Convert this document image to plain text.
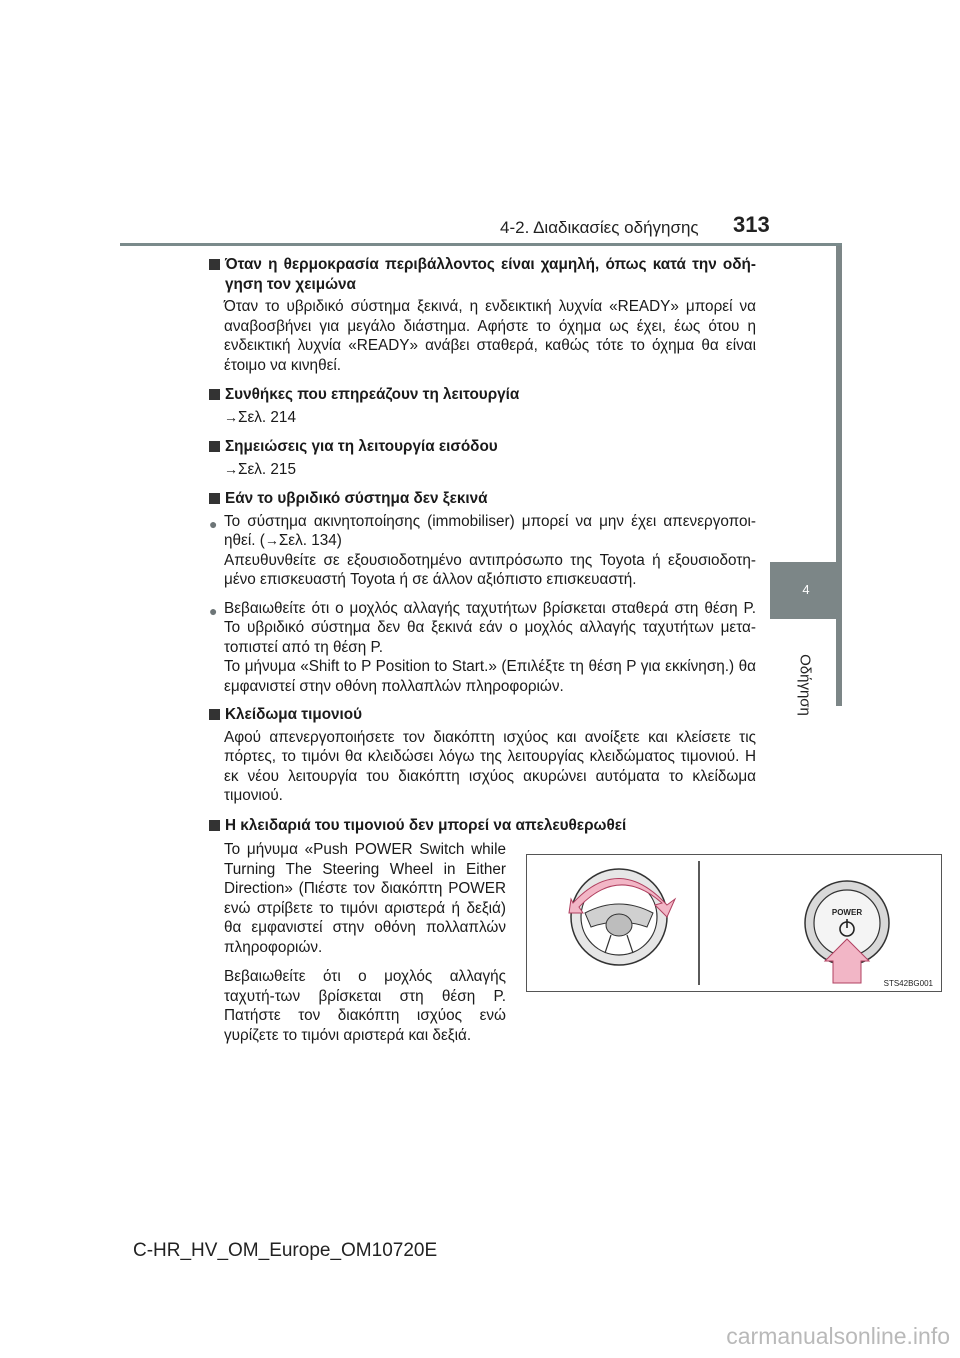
4-2. Διαδικασίες οδήγησης 313
4
Οδήγηση
Όταν η θερμοκρασία περιβάλλοντος είναι χαμηλή, όπως κατά την οδή-γηση τον χειμώνα
Όταν το υβριδικό σύστημα ξεκινά, η ενδεικτική λυχνία «READY» μπορεί να αναβοσβήνει για μεγάλο διάστημα. Αφήστε το όχημα ως έχει, έως ότου η ενδεικτική λυχνία «READY» ανάβει σταθερά, καθώς τότε το όχημα θα είναι έτοιμο να κινηθεί.
Συνθήκες που επηρεάζουν τη λειτουργία
→Σελ. 214
Σημειώσεις για τη λειτουργία εισόδου
→Σελ. 215
Εάν το υβριδικό σύστημα δεν ξεκινά
● Το σύστημα ακινητοποίησης (immobiliser) μπορεί να μην έχει απενεργοποι-ηθεί. (→Σελ. 134)
Απευθυνθείτε σε εξουσιοδοτημένο αντιπρόσωπο της Toyota ή εξουσιοδοτη-μένο επισκευαστή Toyota ή σε άλλον αξιόπιστο επισκευαστή.
● Βεβαιωθείτε ότι ο μοχλός αλλαγής ταχυτήτων βρίσκεται σταθερά στη θέση P. Το υβριδικό σύστημα δεν θα ξεκινά εάν ο μοχλός αλλαγής ταχυτήτων μετα-τοπιστεί από τη θέση P.
Το μήνυμα «Shift to P Position to Start.» (Επιλέξτε τη θέση P για εκκίνηση.) θα εμφανιστεί στην οθόνη πολλαπλών πληροφοριών.
Κλείδωμα τιμονιού
Αφού απενεργοποιήσετε τον διακόπτη ισχύος και ανοίξετε και κλείσετε τις πόρτες, το τιμόνι θα κλειδώσει λόγω της λειτουργίας κλειδώματος τιμονιού. Η εκ νέου λειτουργία του διακόπτη ισχύος ακυρώνει αυτόματα το κλείδωμα τιμονιού.
Η κλειδαριά του τιμονιού δεν μπορεί να απελευθερωθεί

Το μήνυμα «Push POWER Switch while Turning The Steering Wheel in Either Direction» (Πιέστε τον διακόπτη POWER ενώ στρίβετε το τιμόνι αριστερά ή δεξιά) θα εμφανιστεί στην οθόνη πολλαπλών πληροφοριών.

Βεβαιωθείτε ότι ο μοχλός αλλαγής ταχυτή-των βρίσκεται στη θέση P. Πατήστε τον διακόπτη ισχύος ενώ γυρίζετε το τιμόνι αριστερά και δεξιά.

POWER
STS42BG001
C-HR_HV_OM_Europe_OM10720E
carmanualsonline.info
